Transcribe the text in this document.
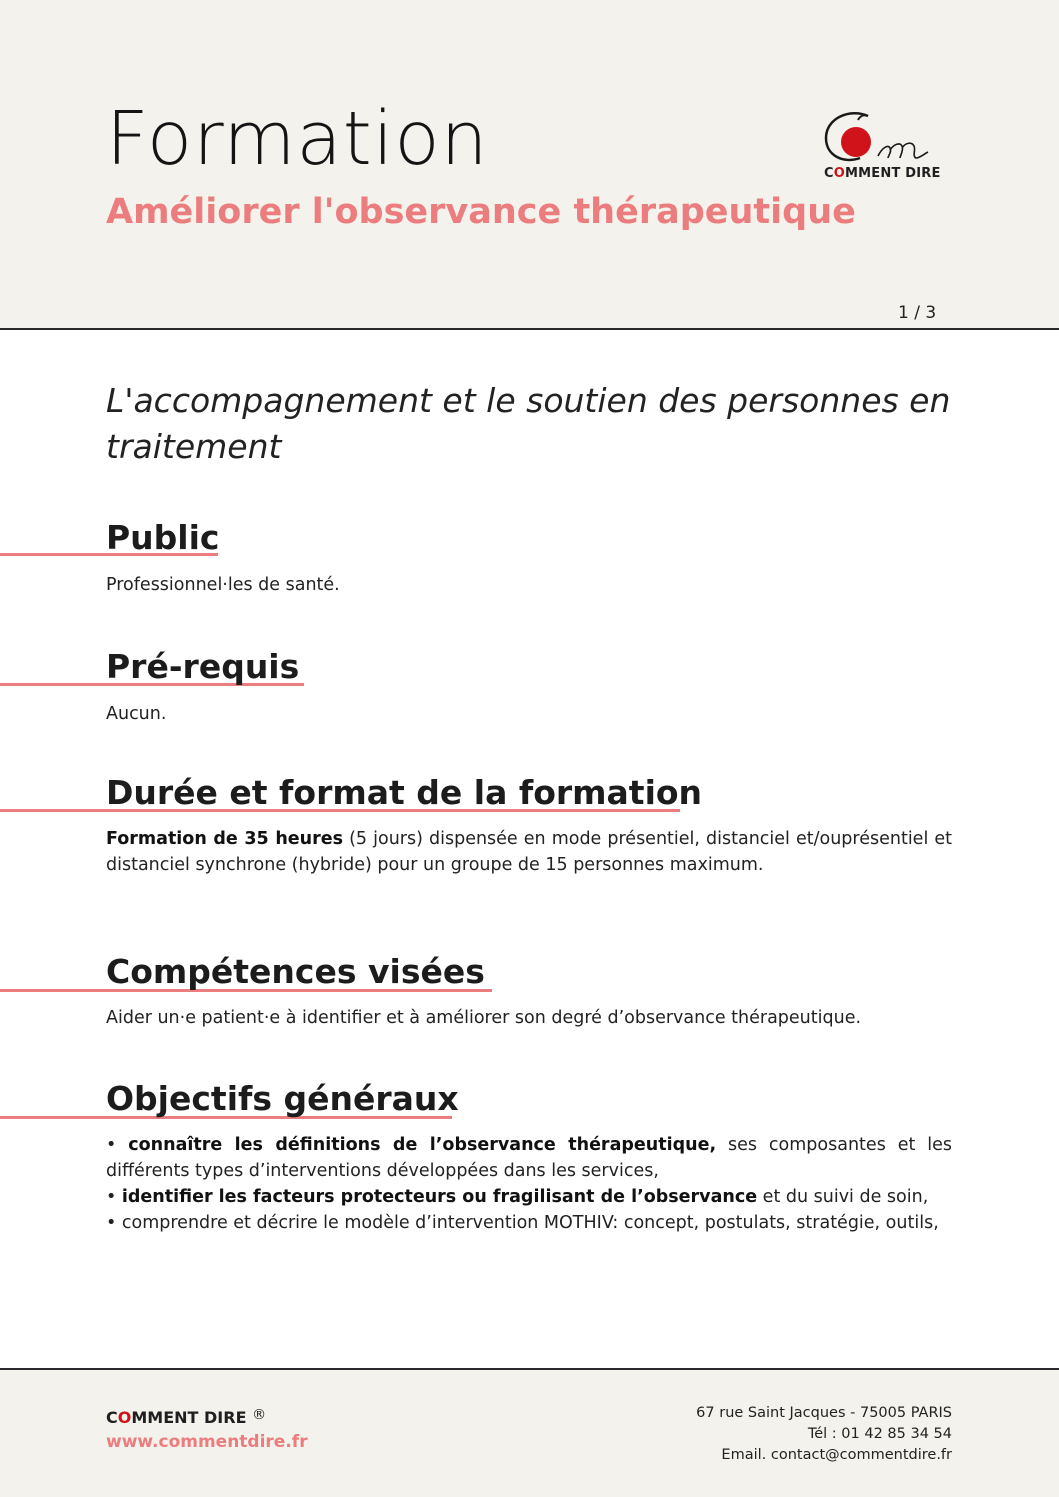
Formation
Améliorer l'observance thérapeutique
COMMENT DIRE
1 / 3

L'accompagnement et le soutien des personnes en traitement

Public

Professionnel·les de santé.

Pré-requis

Aucun.

Durée et format de la formation

Formation de 35 heures (5 jours) dispensée en mode présentiel, distanciel et/ouprésentiel et distanciel synchrone (hybride) pour un groupe de 15 personnes maximum.

Compétences visées

Aider un·e patient·e à identifier et à améliorer son degré d’observance thérapeutique.

Objectifs généraux
• connaître les définitions de l’observance thérapeutique, ses composantes et les différents types d’interventions développées dans les services,
• identifier les facteurs protecteurs ou fragilisant de l’observance et du suivi de soin,
• comprendre et décrire le modèle d’intervention MOTHIV: concept, postulats, stratégie, outils,
COMMENT DIRE ®
www.commentdire.fr
67 rue Saint Jacques - 75005 PARIS
Tél : 01 42 85 34 54
Email. contact@commentdire.fr
